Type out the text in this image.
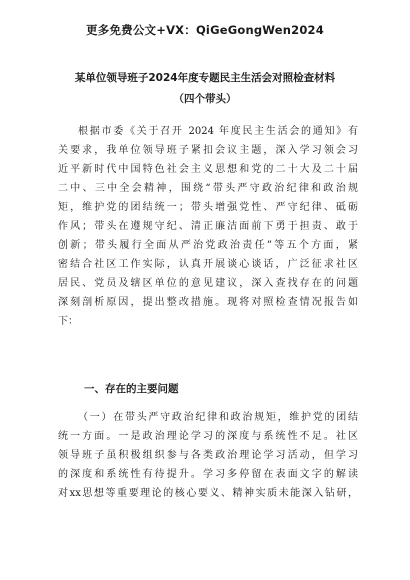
更多免费公文+VX：QiGeGongWen2024
某单位领导班子2024年度专题民主生活会对照检查材料
（四个带头）
根据市委《关于召开 2024 年度民主生活会的通知》有
关要求，我单位领导班子紧扣会议主题，深入学习领会习
近平新时代中国特色社会主义思想和党的二十大及二十届
二中、三中全会精神，围绕“带头严守政治纪律和政治规
矩，维护党的团结统一；带头增强党性、严守纪律、砥砺
作风；带头在遵规守纪、清正廉洁面前下勇于担责、敢于
创新；带头履行全面从严治党政治责任”等五个方面，紧
密结合社区工作实际，认真开展谈心谈话，广泛征求社区
居民、党员及辖区单位的意见建议，深入查找存在的问题
深刻剖析原因，提出整改措施。现将对照检查情况报告如
下：
一、存在的主要问题
（一）在带头严守政治纪律和政治规矩，维护党的团结
统一方面。一是政治理论学习的深度与系统性不足。社区
领导班子虽积极组织参与各类政治理论学习活动，但学习
的深度和系统性有待提升。学习多停留在表面文字的解读
对xx思想等重要理论的核心要义、精神实质未能深入钻研，
